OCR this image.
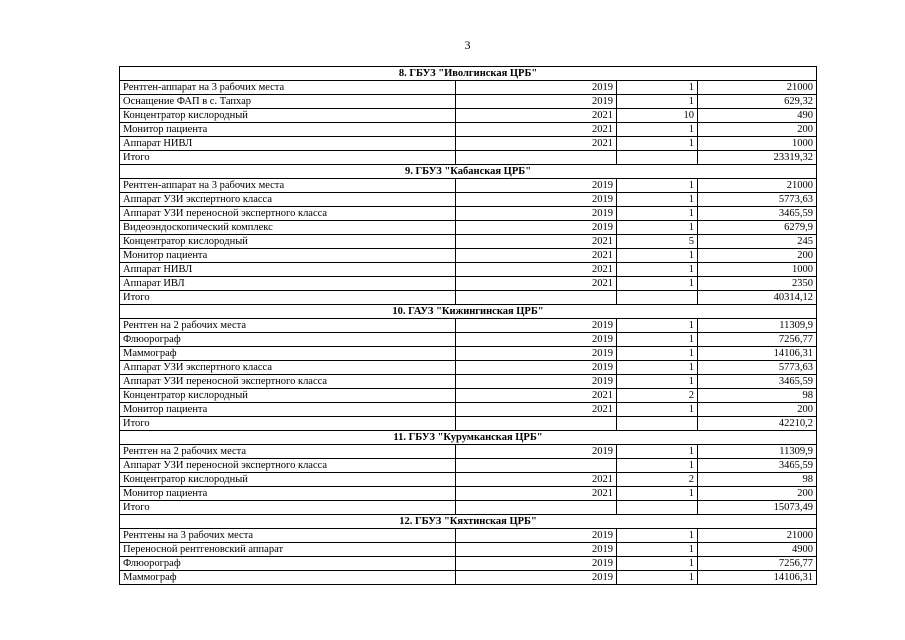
3
8. ГБУЗ "Иволгинская ЦРБ"			
Рентген-аппарат на 3 рабочих места	2019	1	21000
Оснащение ФАП в с. Тапхар	2019	1	629,32
Концентратор кислородный	2021	10	490
Монитор пациента	2021	1	200
Аппарат НИВЛ	2021	1	1000
Итого			23319,32
9. ГБУЗ "Кабанская ЦРБ"			
Рентген-аппарат на 3 рабочих места	2019	1	21000
Аппарат УЗИ экспертного класса	2019	1	5773,63
Аппарат УЗИ переносной экспертного класса	2019	1	3465,59
Видеоэндоскопический комплекс	2019	1	6279,9
Концентратор кислородный	2021	5	245
Монитор пациента	2021	1	200
Аппарат НИВЛ	2021	1	1000
Аппарат ИВЛ	2021	1	2350
Итого			40314,12
10. ГАУЗ "Кижингинская ЦРБ"			
Рентген на 2 рабочих места	2019	1	11309,9
Флюорограф	2019	1	7256,77
Маммограф	2019	1	14106,31
Аппарат УЗИ экспертного класса	2019	1	5773,63
Аппарат УЗИ переносной экспертного класса	2019	1	3465,59
Концентратор кислородный	2021	2	98
Монитор пациента	2021	1	200
Итого			42210,2
11. ГБУЗ "Курумканская ЦРБ"			
Рентген на 2 рабочих места	2019	1	11309,9
Аппарат УЗИ переносной экспертного класса		1	3465,59
Концентратор кислородный	2021	2	98
Монитор пациента	2021	1	200
Итого			15073,49
12. ГБУЗ "Кяхтинская ЦРБ"			
Рентгены на 3 рабочих места	2019	1	21000
Переносной рентгеновский аппарат	2019	1	4900
Флюорограф	2019	1	7256,77
Маммограф	2019	1	14106,31
